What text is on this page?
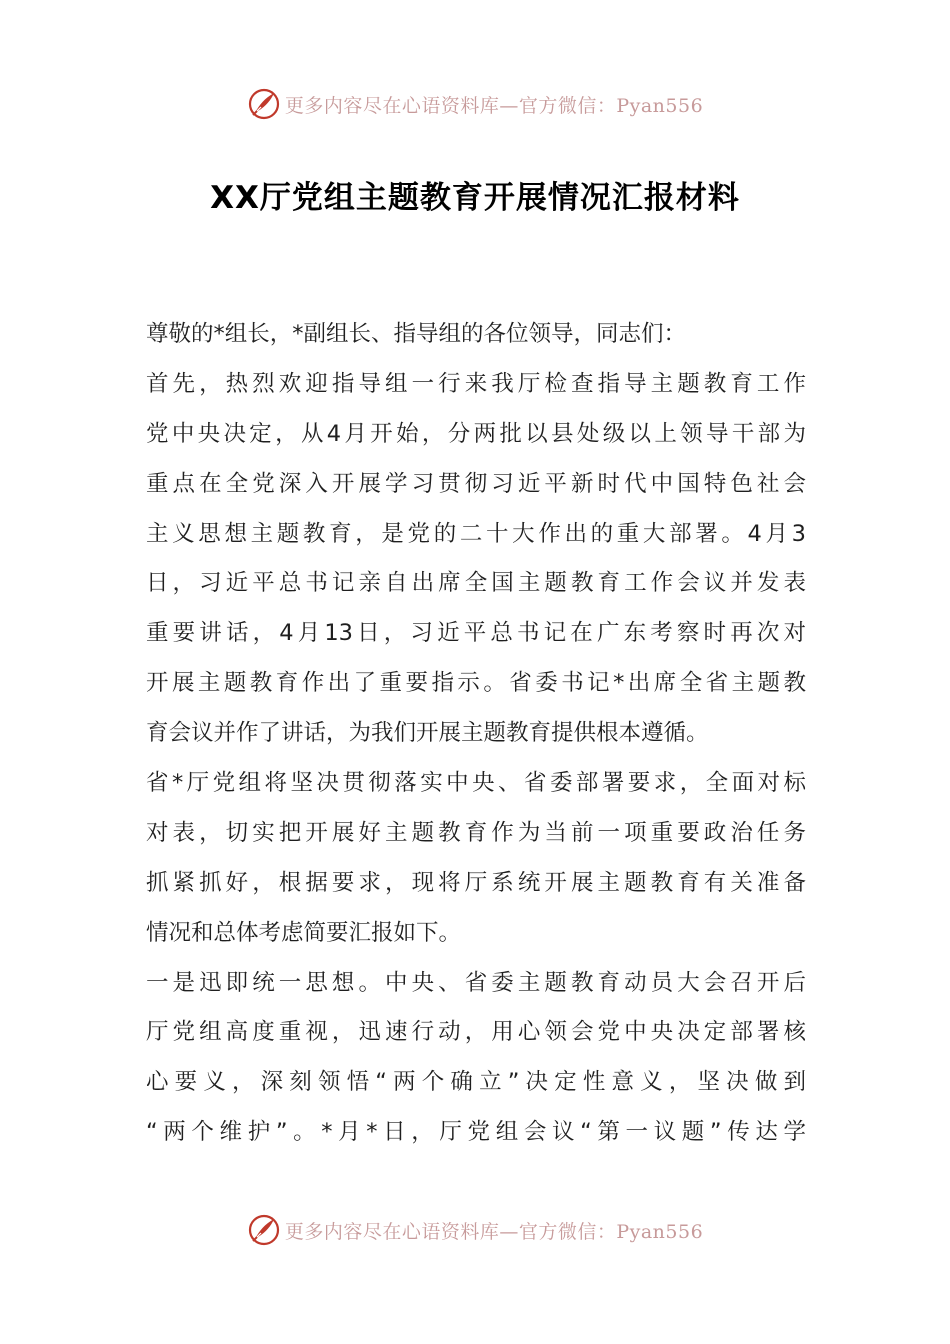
更多内容尽在心语资料库—官方微信：Pyan556
XX厅党组主题教育开展情况汇报材料
尊敬的*组长，*副组长、指导组的各位领导，同志们：
首先，热烈欢迎指导组一行来我厅检查指导主题教育工作
党中央决定，从4月开始，分两批以县处级以上领导干部为
重点在全党深入开展学习贯彻习近平新时代中国特色社会
主义思想主题教育，是党的二十大作出的重大部署。4月3
日，习近平总书记亲自出席全国主题教育工作会议并发表
重要讲话，4月13日，习近平总书记在广东考察时再次对
开展主题教育作出了重要指示。省委书记*出席全省主题教
育会议并作了讲话，为我们开展主题教育提供根本遵循。
省*厅党组将坚决贯彻落实中央、省委部署要求，全面对标
对表，切实把开展好主题教育作为当前一项重要政治任务
抓紧抓好，根据要求，现将厅系统开展主题教育有关准备
情况和总体考虑简要汇报如下。
一是迅即统一思想。中央、省委主题教育动员大会召开后
厅党组高度重视，迅速行动，用心领会党中央决定部署核
心要义，深刻领悟“两个确立”决定性意义，坚决做到
“两个维护”。*月*日，厅党组会议“第一议题”传达学
更多内容尽在心语资料库—官方微信：Pyan556
